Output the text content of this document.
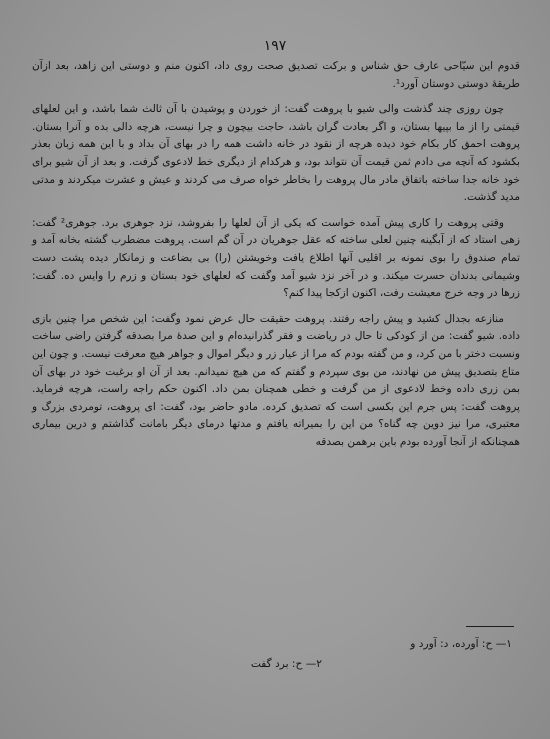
۱۹۷

قدوم این سیّاحی عارف حق شناس و برکت تصدیق صحت روی داد، اکنون منم و دوستی این زاهد، بعد ازآن طریقهٔ دوستی دوستان آورد¹.

چون روزی چند گذشت والی شیو با پروهت گفت: از خوردن و پوشیدن با آن ثالث شما باشد، و این لعلهای قیمتی را از ما بپیها بستان، و اگر بعادت گران باشد، حاجت بیچون و چرا نیست، هرچه دالی بده و آنرا بستان. پروهت احمق کار بکام خود دیده هرچه از نقود در خانه داشت همه را در بهای آن بداد و با این همه زبان بعذر بکشود که آنچه می دادم ثمن قیمت آن نتواند بود، و هرکدام از دیگری خط لادعوی گرفت. و بعد از آن شیو برای خود خانه جدا ساخته باتفاق مادر مال پروهت را بخاطر خواه صرف می کردند و عیش و عشرت میکردند و مدتی مدید گذشت.

وقتی پروهت را کاری پیش آمده خواست که یکی از آن لعلها را بفروشد، نزد جوهری برد. جوهری² گفت: زهی استاد که از آبگینه چنین لعلی ساخته که عقل جوهریان در آن گم است. پروهت مضطرب گشته بخانه آمد و تمام صندوق را بوی نمونه بر اقلیی آنها اطلاع یافت وخویشتن (را) بی بضاعت و زمانکار دیده پشت دست وشیمانی بدندان حسرت میکند. و در آخر نزد شیو آمد وگفت که لعلهای خود بستان و زرم را وایس ده. گفت: زرها در وجه خرج معیشت رفت، اکنون ازکجا پیدا کنم؟

منازعه بجدال کشید و پیش راجه رفتند. پروهت حقیقت حال عرض نمود وگفت: این شخص مرا چنین بازی داده. شیو گفت: من از کودکی تا حال در ریاضت و فقر گذرانیده‌ام و این صدهٔ مرا بصدقه گرفتن راضی ساخت ونسبت دختر با من کرد، و من گفته بودم که مرا از عیار زر و دیگر اموال و جواهر هیچ معرفت نیست. و چون این متاع بتصدیق پیش من نهادند، من بوی سپردم و گفتم که من هیچ نمیدانم. بعد از آن او برغبت خود در بهای آن بمن زری داده وخط لادعوی از من گرفت و خطی همچنان بمن داد. اکنون حکم راجه راست، هرچه فرماید. پروهت گفت: پس جرم این بکسی است که تصدیق کرده. مادو حاضر بود، گفت: ای پروهت، تومردی بزرگ و معتبری، مرا نیز دوین چه گناه؟ من این را بمیراته یافتم و مدتها درمای دیگر بامانت گذاشتم و درین بیماری همچنانکه از آنجا آورده بودم باین برهمن بصدقه

۱— ح: آورده، د: آورد و
۲— ح: برد گفت
